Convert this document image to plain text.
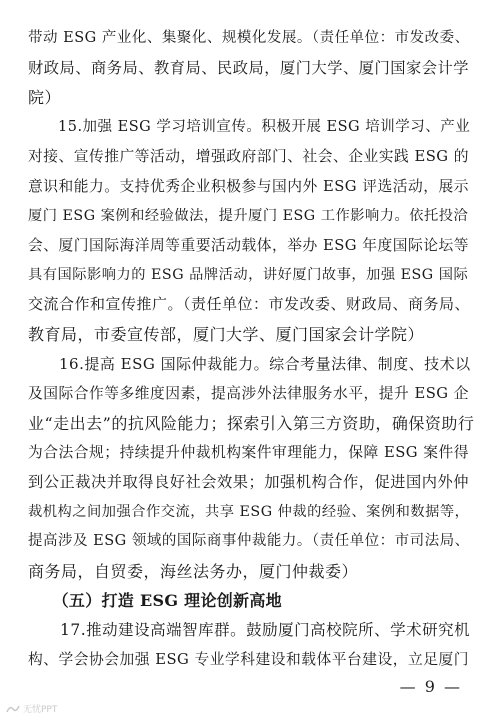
带动 ESG 产业化、集聚化、规模化发展。（责任单位：市发改委、
财政局、商务局、教育局、民政局，厦门大学、厦门国家会计学
院）
　　15.加强 ESG 学习培训宣传。积极开展 ESG 培训学习、产业
对接、宣传推广等活动，增强政府部门、社会、企业实践 ESG 的
意识和能力。支持优秀企业积极参与国内外 ESG 评选活动，展示
厦门 ESG 案例和经验做法，提升厦门 ESG 工作影响力。依托投洽
会、厦门国际海洋周等重要活动载体，举办 ESG 年度国际论坛等
具有国际影响力的 ESG 品牌活动，讲好厦门故事，加强 ESG 国际
交流合作和宣传推广。（责任单位：市发改委、财政局、商务局、
教育局，市委宣传部，厦门大学、厦门国家会计学院）
　　16.提高 ESG 国际仲裁能力。综合考量法律、制度、技术以
及国际合作等多维度因素，提高涉外法律服务水平，提升 ESG 企
业“走出去”的抗风险能力；探索引入第三方资助，确保资助行
为合法合规；持续提升仲裁机构案件审理能力，保障 ESG 案件得
到公正裁决并取得良好社会效果；加强机构合作，促进国内外仲
裁机构之间加强合作交流，共享 ESG 仲裁的经验、案例和数据等，
提高涉及 ESG 领域的国际商事仲裁能力。（责任单位：市司法局、
商务局，自贸委，海丝法务办，厦门仲裁委）
　　（五）打造 ESG 理论创新高地
　　17.推动建设高端智库群。鼓励厦门高校院所、学术研究机
构、学会协会加强 ESG 专业学科建设和载体平台建设，立足厦门
— 9 —
无忧PPT
